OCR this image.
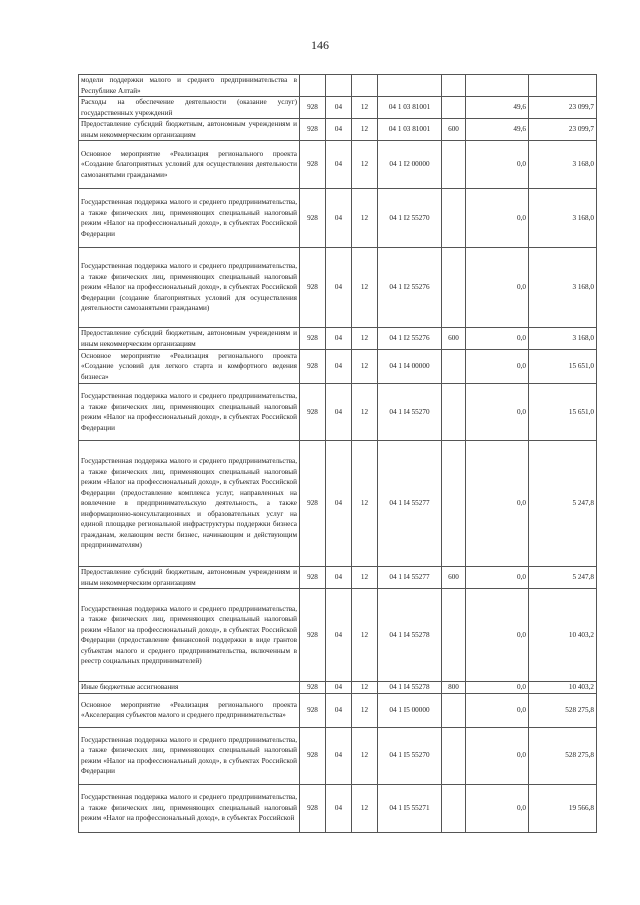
146
модели поддержки малого и среднего предпринимательства в Республике Алтай»							
Расходы на обеспечение деятельности (оказание услуг) государственных учреждений	928	04	12	04 1 03 81001		49,6	23 099,7
Предоставление субсидий бюджетным, автономным учреждениям и иным некоммерческим организациям	928	04	12	04 1 03 81001	600	49,6	23 099,7
Основное мероприятие «Реализация регионального проекта «Создание благоприятных условий для осуществления деятельности самозанятыми гражданами»	928	04	12	04 1 I2 00000		0,0	3 168,0
Государственная поддержка малого и среднего предпринимательства, а также физических лиц, применяющих специальный налоговый режим «Налог на профессиональный доход», в субъектах Российской Федерации	928	04	12	04 1 I2 55270		0,0	3 168,0
Государственная поддержка малого и среднего предпринимательства, а также физических лиц, применяющих специальный налоговый режим «Налог на профессиональный доход», в субъектах Российской Федерации (создание благоприятных условий для осуществления деятельности самозанятыми гражданами)	928	04	12	04 1 I2 55276		0,0	3 168,0
Предоставление субсидий бюджетным, автономным учреждениям и иным некоммерческим организациям	928	04	12	04 1 I2 55276	600	0,0	3 168,0
Основное мероприятие «Реализация регионального проекта «Создание условий для легкого старта и комфортного ведения бизнеса»	928	04	12	04 1 I4 00000		0,0	15 651,0
Государственная поддержка малого и среднего предпринимательства, а также физических лиц, применяющих специальный налоговый режим «Налог на профессиональный доход», в субъектах Российской Федерации	928	04	12	04 1 I4 55270		0,0	15 651,0
Государственная поддержка малого и среднего предпринимательства, а также физических лиц, применяющих специальный налоговый режим «Налог на профессиональный доход», в субъектах Российской Федерации (предоставление комплекса услуг, направленных на вовлечение в предпринимательскую деятельность, а также информационно-консультационных и образовательных услуг на единой площадке региональной инфраструктуры поддержки бизнеса гражданам, желающим вести бизнес, начинающим и действующим предпринимателям)	928	04	12	04 1 I4 55277		0,0	5 247,8
Предоставление субсидий бюджетным, автономным учреждениям и иным некоммерческим организациям	928	04	12	04 1 I4 55277	600	0,0	5 247,8
Государственная поддержка малого и среднего предпринимательства, а также физических лиц, применяющих специальный налоговый режим «Налог на профессиональный доход», в субъектах Российской Федерации (предоставление финансовой поддержки в виде грантов субъектам малого и среднего предпринимательства, включенным в реестр социальных предпринимателей)	928	04	12	04 1 I4 55278		0,0	10 403,2
Иные бюджетные ассигнования	928	04	12	04 1 I4 55278	800	0,0	10 403,2
Основное мероприятие «Реализация регионального проекта «Акселерация субъектов малого и среднего предпринимательства»	928	04	12	04 1 I5 00000		0,0	528 275,8
Государственная поддержка малого и среднего предпринимательства, а также физических лиц, применяющих специальный налоговый режим «Налог на профессиональный доход», в субъектах Российской Федерации	928	04	12	04 1 I5 55270		0,0	528 275,8
Государственная поддержка малого и среднего предпринимательства, а также физических лиц, применяющих специальный налоговый режим «Налог на профессиональный доход», в субъектах Российской	928	04	12	04 1 I5 55271		0,0	19 566,8
